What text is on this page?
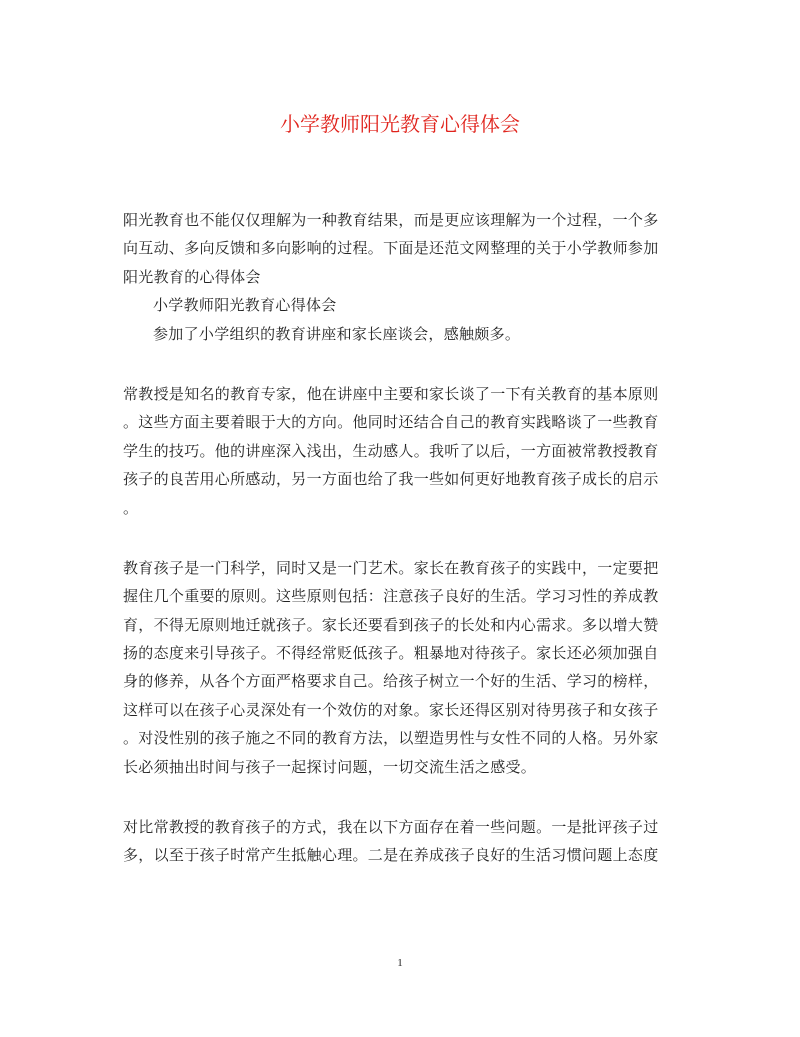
小学教师阳光教育心得体会
阳光教育也不能仅仅理解为一种教育结果，而是更应该理解为一个过程，一个多
向互动、多向反馈和多向影响的过程。下面是还范文网整理的关于小学教师参加
阳光教育的心得体会
小学教师阳光教育心得体会
参加了小学组织的教育讲座和家长座谈会，感触颇多。
常教授是知名的教育专家，他在讲座中主要和家长谈了一下有关教育的基本原则
。这些方面主要着眼于大的方向。他同时还结合自己的教育实践略谈了一些教育
学生的技巧。他的讲座深入浅出，生动感人。我听了以后，一方面被常教授教育
孩子的良苦用心所感动，另一方面也给了我一些如何更好地教育孩子成长的启示
。
教育孩子是一门科学，同时又是一门艺术。家长在教育孩子的实践中，一定要把
握住几个重要的原则。这些原则包括：注意孩子良好的生活。学习习性的养成教
育，不得无原则地迁就孩子。家长还要看到孩子的长处和内心需求。多以增大赞
扬的态度来引导孩子。不得经常贬低孩子。粗暴地对待孩子。家长还必须加强自
身的修养，从各个方面严格要求自己。给孩子树立一个好的生活、学习的榜样，
这样可以在孩子心灵深处有一个效仿的对象。家长还得区别对待男孩子和女孩子
。对没性别的孩子施之不同的教育方法，以塑造男性与女性不同的人格。另外家
长必须抽出时间与孩子一起探讨问题，一切交流生活之感受。
对比常教授的教育孩子的方式，我在以下方面存在着一些问题。一是批评孩子过
多，以至于孩子时常产生抵触心理。二是在养成孩子良好的生活习惯问题上态度
1
